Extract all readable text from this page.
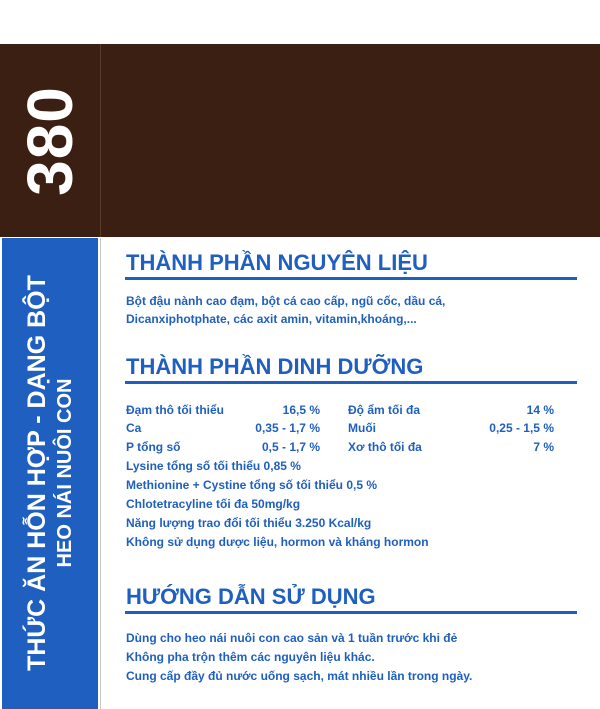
380
THỨC ĂN HỖN HỢP - DẠNG BỘT HEO NÁI NUÔI CON
THÀNH PHẦN NGUYÊN LIỆU
Bột đậu nành cao đạm, bột cá cao cấp, ngũ cốc, dầu cá,
Dicanxiphotphate, các axit amin, vitamin,khoáng,...
THÀNH PHẦN DINH DƯỠNG
Đạm thô tối thiểu	16,5 % Độ ẩm tối đa	14 %
Ca	0,35 - 1,7 % Muối	0,25 - 1,5 %
P tổng số	0,5 - 1,7 % Xơ thô tối đa	7 %
Lysine tổng số tối thiểu 0,85 %
Methionine + Cystine tổng số tối thiểu 0,5 %
Chlotetracyline tối đa 50mg/kg
Năng lượng trao đổi tối thiểu 3.250 Kcal/kg
Không sử dụng dược liệu, hormon và kháng hormon
HƯỚNG DẪN SỬ DỤNG
Dùng cho heo nái nuôi con cao sản và 1 tuần trước khi đẻ
Không pha trộn thêm các nguyên liệu khác.
Cung cấp đầy đủ nước uống sạch, mát nhiều lần trong ngày.
